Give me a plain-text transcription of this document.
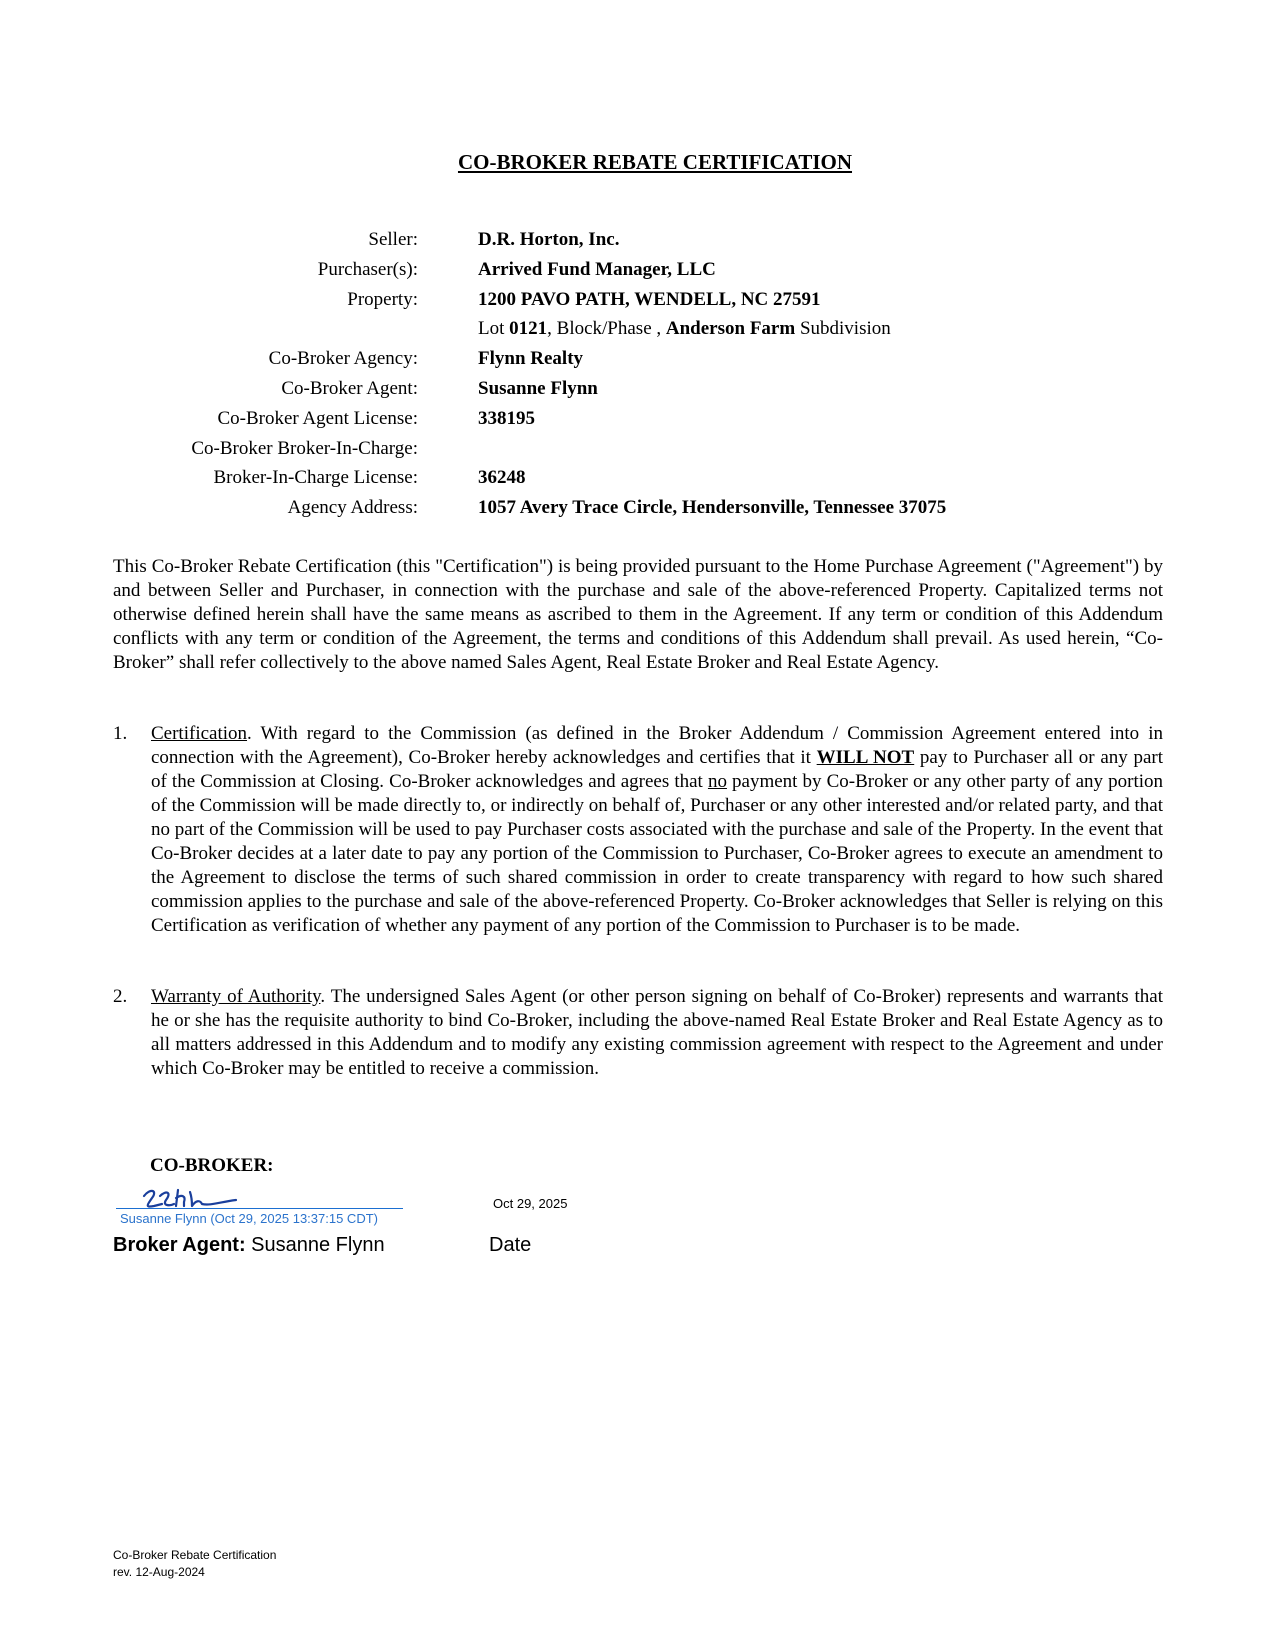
CO-BROKER REBATE CERTIFICATION
Seller:	D.R. Horton, Inc.
Purchaser(s):	Arrived Fund Manager, LLC
Property:	1200 PAVO PATH, WENDELL, NC 27591
Lot 0121, Block/Phase , Anderson Farm Subdivision
Co-Broker Agency:	Flynn Realty
Co-Broker Agent:	Susanne Flynn
Co-Broker Agent License:	338195
Co-Broker Broker-In-Charge:
Broker-In-Charge License:	36248
Agency Address:	1057 Avery Trace Circle, Hendersonville, Tennessee 37075
This Co-Broker Rebate Certification (this "Certification") is being provided pursuant to the Home Purchase Agreement ("Agreement") by and between Seller and Purchaser, in connection with the purchase and sale of the above-referenced Property. Capitalized terms not otherwise defined herein shall have the same means as ascribed to them in the Agreement. If any term or condition of this Addendum conflicts with any term or condition of the Agreement, the terms and conditions of this Addendum shall prevail. As used herein, “Co-Broker” shall refer collectively to the above named Sales Agent, Real Estate Broker and Real Estate Agency.
1. Certification. With regard to the Commission (as defined in the Broker Addendum / Commission Agreement entered into in connection with the Agreement), Co-Broker hereby acknowledges and certifies that it WILL NOT pay to Purchaser all or any part of the Commission at Closing. Co-Broker acknowledges and agrees that no payment by Co-Broker or any other party of any portion of the Commission will be made directly to, or indirectly on behalf of, Purchaser or any other interested and/or related party, and that no part of the Commission will be used to pay Purchaser costs associated with the purchase and sale of the Property. In the event that Co-Broker decides at a later date to pay any portion of the Commission to Purchaser, Co-Broker agrees to execute an amendment to the Agreement to disclose the terms of such shared commission in order to create transparency with regard to how such shared commission applies to the purchase and sale of the above-referenced Property. Co-Broker acknowledges that Seller is relying on this Certification as verification of whether any payment of any portion of the Commission to Purchaser is to be made.
2. Warranty of Authority. The undersigned Sales Agent (or other person signing on behalf of Co-Broker) represents and warrants that he or she has the requisite authority to bind Co-Broker, including the above-named Real Estate Broker and Real Estate Agency as to all matters addressed in this Addendum and to modify any existing commission agreement with respect to the Agreement and under which Co-Broker may be entitled to receive a commission.
CO-BROKER:
Susanne Flynn (Oct 29, 2025 13:37:15 CDT)
Oct 29, 2025
Broker Agent: Susanne Flynn	Date
Co-Broker Rebate Certification
rev. 12-Aug-2024
